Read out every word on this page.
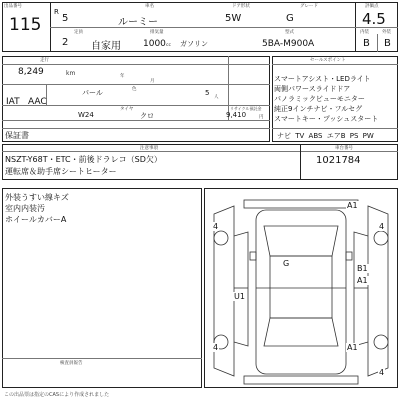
出品番号
115
R
5
車名
ルーミー
ドア形状
5W
グレード
G
評価点
4.5
定員
2 自家用
排気量
1000 cc ガソリン
型式
5BA-M900A
内装	外装
B B
走行
8,249	km	年
月
色
パール
IAT AAC
5
人
タイヤ
W24	クロ
リサイクル預託金
9,410	円
保証書
セールスポイント
スマートアシスト・LEDライト
両側パワースライドドア
パノラミックビューモニター
純正9インチナビ・フルセグ
スマートキー・プッシュスタート
ナビ TV ABS エアB PS PW
注意事項
NSZT-Y68T・ETC・前後ドラレコ（SD欠）
運転席＆助手席シートヒーター
車台番号
1021784
外装うすい線キズ
室内内装汚
ホイールカバーA
検査員報告
A1
4	4
G
B1
A1
U1
4	A1
4
この出品票は指定のCASにより作成されました
